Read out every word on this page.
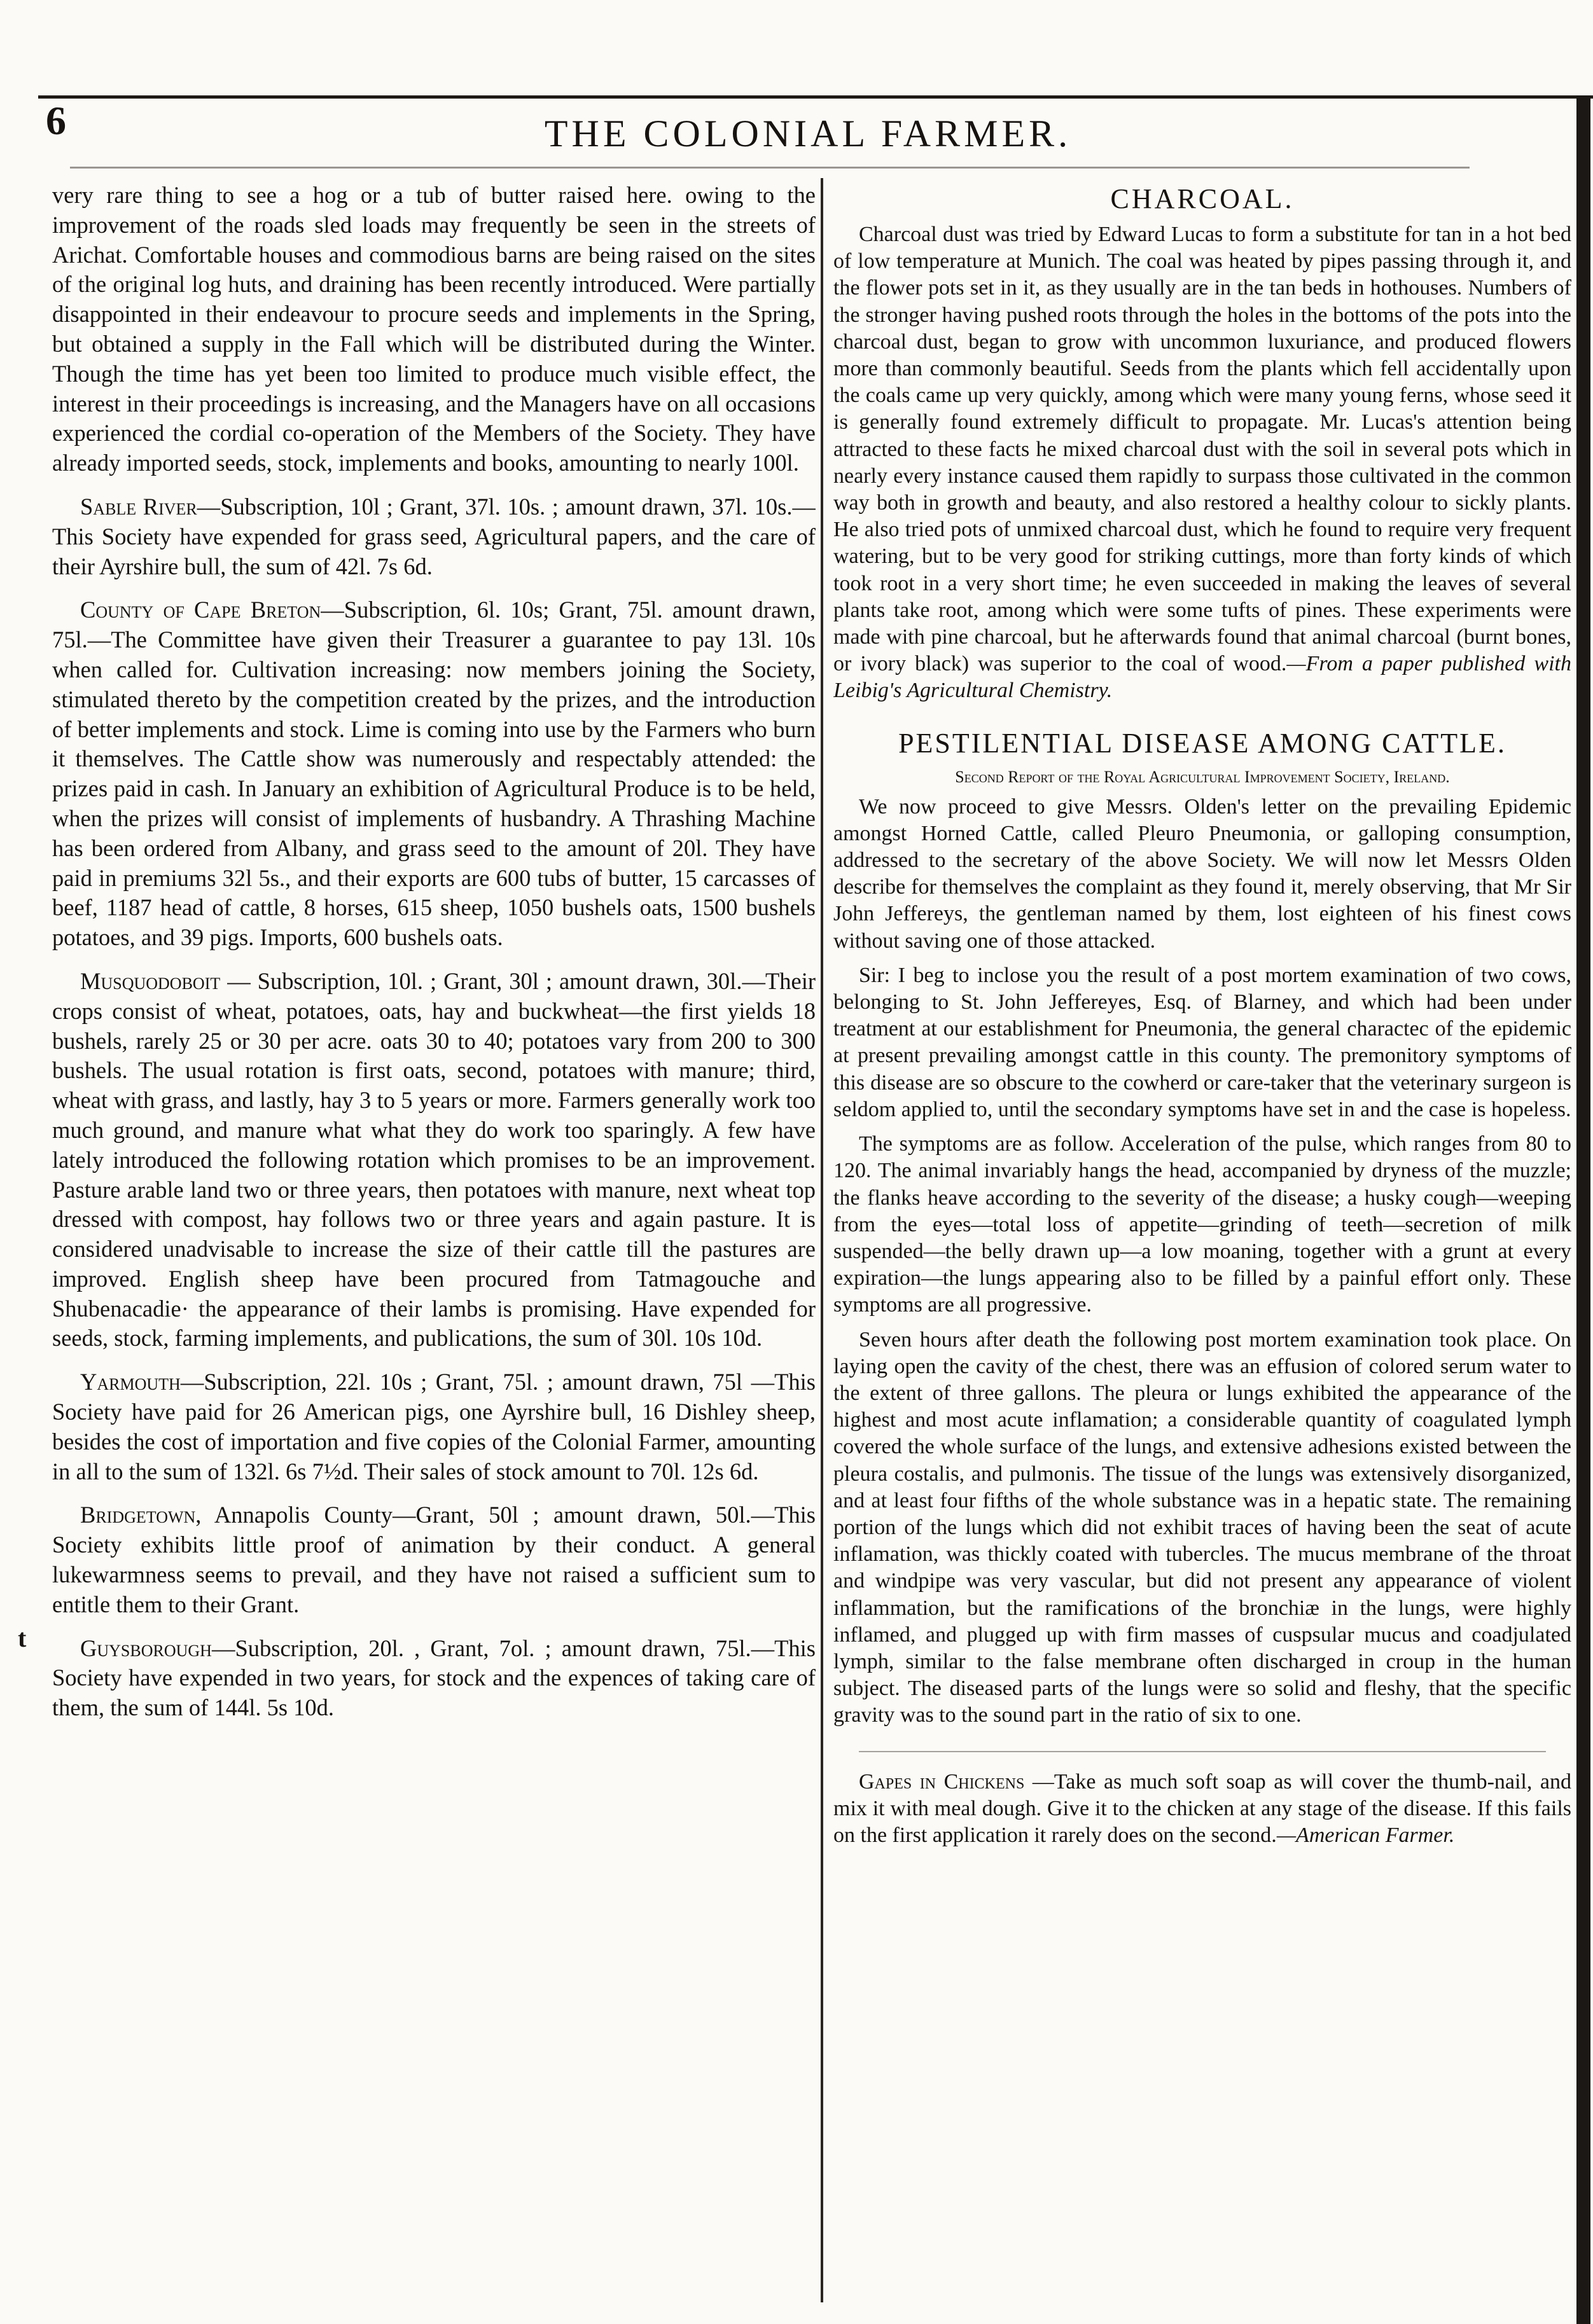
6	THE COLONIAL FARMER.
t

very rare thing to see a hog or a tub of butter raised here. owing to the improvement of the roads sled loads may frequently be seen in the streets of Arichat. Comfortable houses and commodious barns are being raised on the sites of the original log huts, and draining has been recently introduced. Were partially disappointed in their endeavour to procure seeds and implements in the Spring, but obtained a supply in the Fall which will be distributed during the Winter. Though the time has yet been too limited to produce much visible effect, the interest in their proceedings is increasing, and the Managers have on all occasions experienced the cordial co-operation of the Members of the Society. They have already imported seeds, stock, implements and books, amounting to nearly 100l.

Sable River—Subscription, 10l ; Grant, 37l. 10s. ; amount drawn, 37l. 10s.—This Society have expended for grass seed, Agricultural papers, and the care of their Ayrshire bull, the sum of 42l. 7s 6d.

County of Cape Breton—Subscription, 6l. 10s; Grant, 75l. amount drawn, 75l.—The Committee have given their Treasurer a guarantee to pay 13l. 10s when called for. Cultivation increasing: now members joining the Society, stimulated thereto by the competition created by the prizes, and the introduction of better implements and stock. Lime is coming into use by the Farmers who burn it themselves. The Cattle show was numerously and respectably attended: the prizes paid in cash. In January an exhibition of Agricultural Produce is to be held, when the prizes will consist of implements of husbandry. A Thrashing Machine has been ordered from Albany, and grass seed to the amount of 20l. They have paid in premiums 32l 5s., and their exports are 600 tubs of butter, 15 carcasses of beef, 1187 head of cattle, 8 horses, 615 sheep, 1050 bushels oats, 1500 bushels potatoes, and 39 pigs. Imports, 600 bushels oats.

Musquodoboit — Subscription, 10l. ; Grant, 30l ; amount drawn, 30l.—Their crops consist of wheat, potatoes, oats, hay and buckwheat—the first yields 18 bushels, rarely 25 or 30 per acre. oats 30 to 40; potatoes vary from 200 to 300 bushels. The usual rotation is first oats, second, potatoes with manure; third, wheat with grass, and lastly, hay 3 to 5 years or more. Farmers generally work too much ground, and manure what what they do work too sparingly. A few have lately introduced the following rotation which promises to be an improvement. Pasture arable land two or three years, then potatoes with manure, next wheat top dressed with compost, hay follows two or three years and again pasture. It is considered unadvisable to increase the size of their cattle till the pastures are improved. English sheep have been procured from Tatmagouche and Shubenacadie· the appearance of their lambs is promising. Have expended for seeds, stock, farming implements, and publications, the sum of 30l. 10s 10d.

Yarmouth—Subscription, 22l. 10s ; Grant, 75l. ; amount drawn, 75l —This Society have paid for 26 American pigs, one Ayrshire bull, 16 Dishley sheep, besides the cost of importation and five copies of the Colonial Farmer, amounting in all to the sum of 132l. 6s 7½d. Their sales of stock amount to 70l. 12s 6d.

Bridgetown, Annapolis County—Grant, 50l ; amount drawn, 50l.—This Society exhibits little proof of animation by their conduct. A general lukewarmness seems to prevail, and they have not raised a sufficient sum to entitle them to their Grant.

Guysborough—Subscription, 20l. , Grant, 7ol. ; amount drawn, 75l.—This Society have expended in two years, for stock and the expences of taking care of them, the sum of 144l. 5s 10d.

CHARCOAL.

Charcoal dust was tried by Edward Lucas to form a substitute for tan in a hot bed of low temperature at Munich. The coal was heated by pipes passing through it, and the flower pots set in it, as they usually are in the tan beds in hothouses. Numbers of the stronger having pushed roots through the holes in the bottoms of the pots into the charcoal dust, began to grow with uncommon luxuriance, and produced flowers more than commonly beautiful. Seeds from the plants which fell accidentally upon the coals came up very quickly, among which were many young ferns, whose seed it is generally found extremely difficult to propagate. Mr. Lucas's attention being attracted to these facts he mixed charcoal dust with the soil in several pots which in nearly every instance caused them rapidly to surpass those cultivated in the common way both in growth and beauty, and also restored a healthy colour to sickly plants. He also tried pots of unmixed charcoal dust, which he found to require very frequent watering, but to be very good for striking cuttings, more than forty kinds of which took root in a very short time; he even succeeded in making the leaves of several plants take root, among which were some tufts of pines. These experiments were made with pine charcoal, but he afterwards found that animal charcoal (burnt bones, or ivory black) was superior to the coal of wood.—From a paper published with Leibig's Agricultural Chemistry.

PESTILENTIAL DISEASE AMONG CATTLE.
Second Report of the Royal Agricultural Improvement Society, Ireland.

We now proceed to give Messrs. Olden's letter on the prevailing Epidemic amongst Horned Cattle, called Pleuro Pneumonia, or galloping consumption, addressed to the secretary of the above Society. We will now let Messrs Olden describe for themselves the complaint as they found it, merely observing, that Mr Sir John Jeffereys, the gentleman named by them, lost eighteen of his finest cows without saving one of those attacked.

Sir: I beg to inclose you the result of a post mortem examination of two cows, belonging to St. John Jeffereyes, Esq. of Blarney, and which had been under treatment at our establishment for Pneumonia, the general charactec of the epidemic at present prevailing amongst cattle in this county. The premonitory symptoms of this disease are so obscure to the cowherd or care-taker that the veterinary surgeon is seldom applied to, until the secondary symptoms have set in and the case is hopeless.

The symptoms are as follow. Acceleration of the pulse, which ranges from 80 to 120. The animal invariably hangs the head, accompanied by dryness of the muzzle; the flanks heave according to the severity of the disease; a husky cough—weeping from the eyes—total loss of appetite—grinding of teeth—secretion of milk suspended—the belly drawn up—a low moaning, together with a grunt at every expiration—the lungs appearing also to be filled by a painful effort only. These symptoms are all progressive.

Seven hours after death the following post mortem examination took place. On laying open the cavity of the chest, there was an effusion of colored serum water to the extent of three gallons. The pleura or lungs exhibited the appearance of the highest and most acute inflamation; a considerable quantity of coagulated lymph covered the whole surface of the lungs, and extensive adhesions existed between the pleura costalis, and pulmonis. The tissue of the lungs was extensively disorganized, and at least four fifths of the whole substance was in a hepatic state. The remaining portion of the lungs which did not exhibit traces of having been the seat of acute inflamation, was thickly coated with tubercles. The mucus membrane of the throat and windpipe was very vascular, but did not present any appearance of violent inflammation, but the ramifications of the bronchiæ in the lungs, were highly inflamed, and plugged up with firm masses of cuspsular mucus and coadjulated lymph, similar to the false membrane often discharged in croup in the human subject. The diseased parts of the lungs were so solid and fleshy, that the specific gravity was to the sound part in the ratio of six to one.

Gapes in Chickens —Take as much soft soap as will cover the thumb-nail, and mix it with meal dough. Give it to the chicken at any stage of the disease. If this fails on the first application it rarely does on the second.—American Farmer.
